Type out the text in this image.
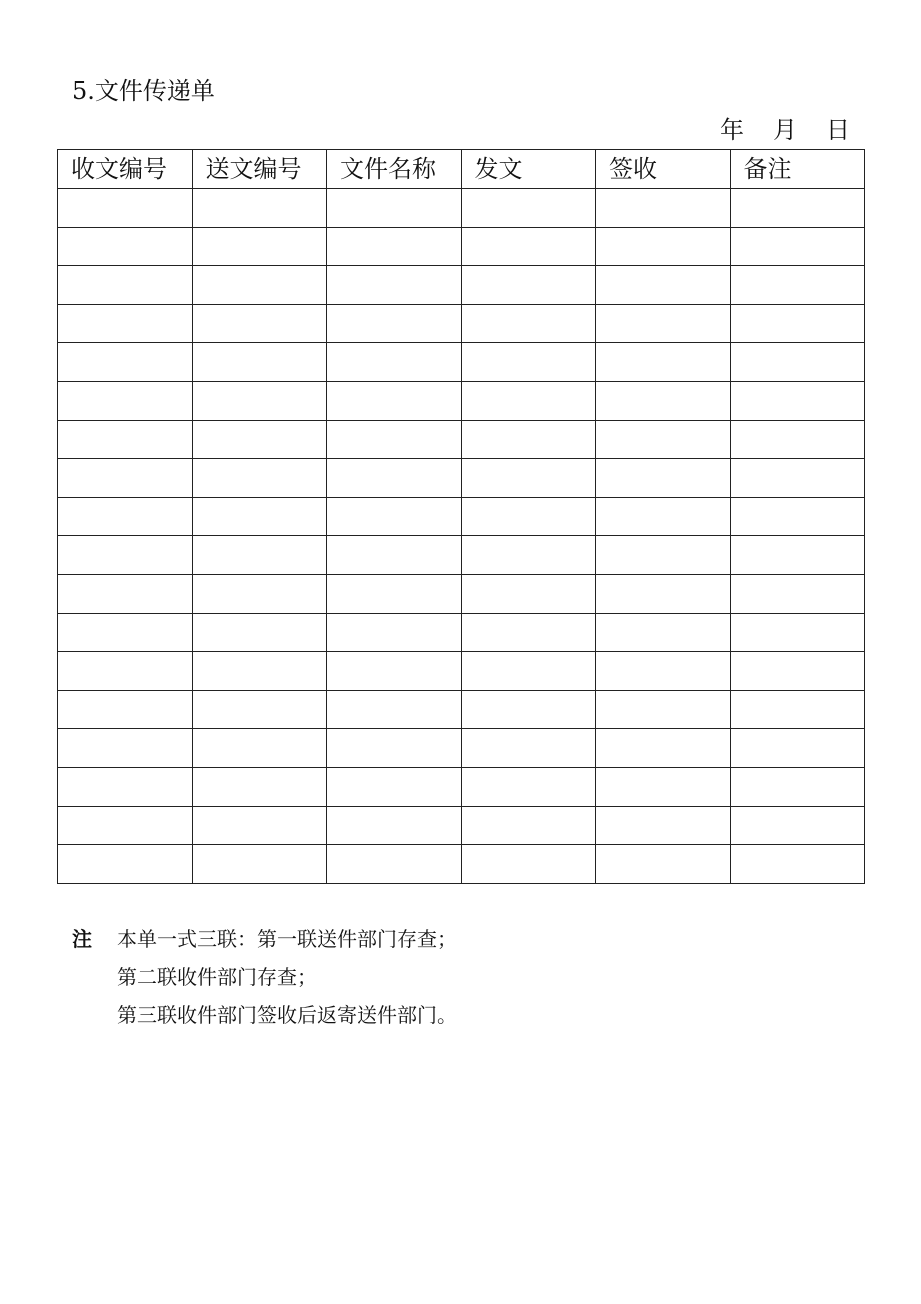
5.文件传递单
年 月 日
收文编号	送文编号	文件名称	发文	签收	备注

注 本单一式三联：第一联送件部门存查；
第二联收件部门存查；
第三联收件部门签收后返寄送件部门。
